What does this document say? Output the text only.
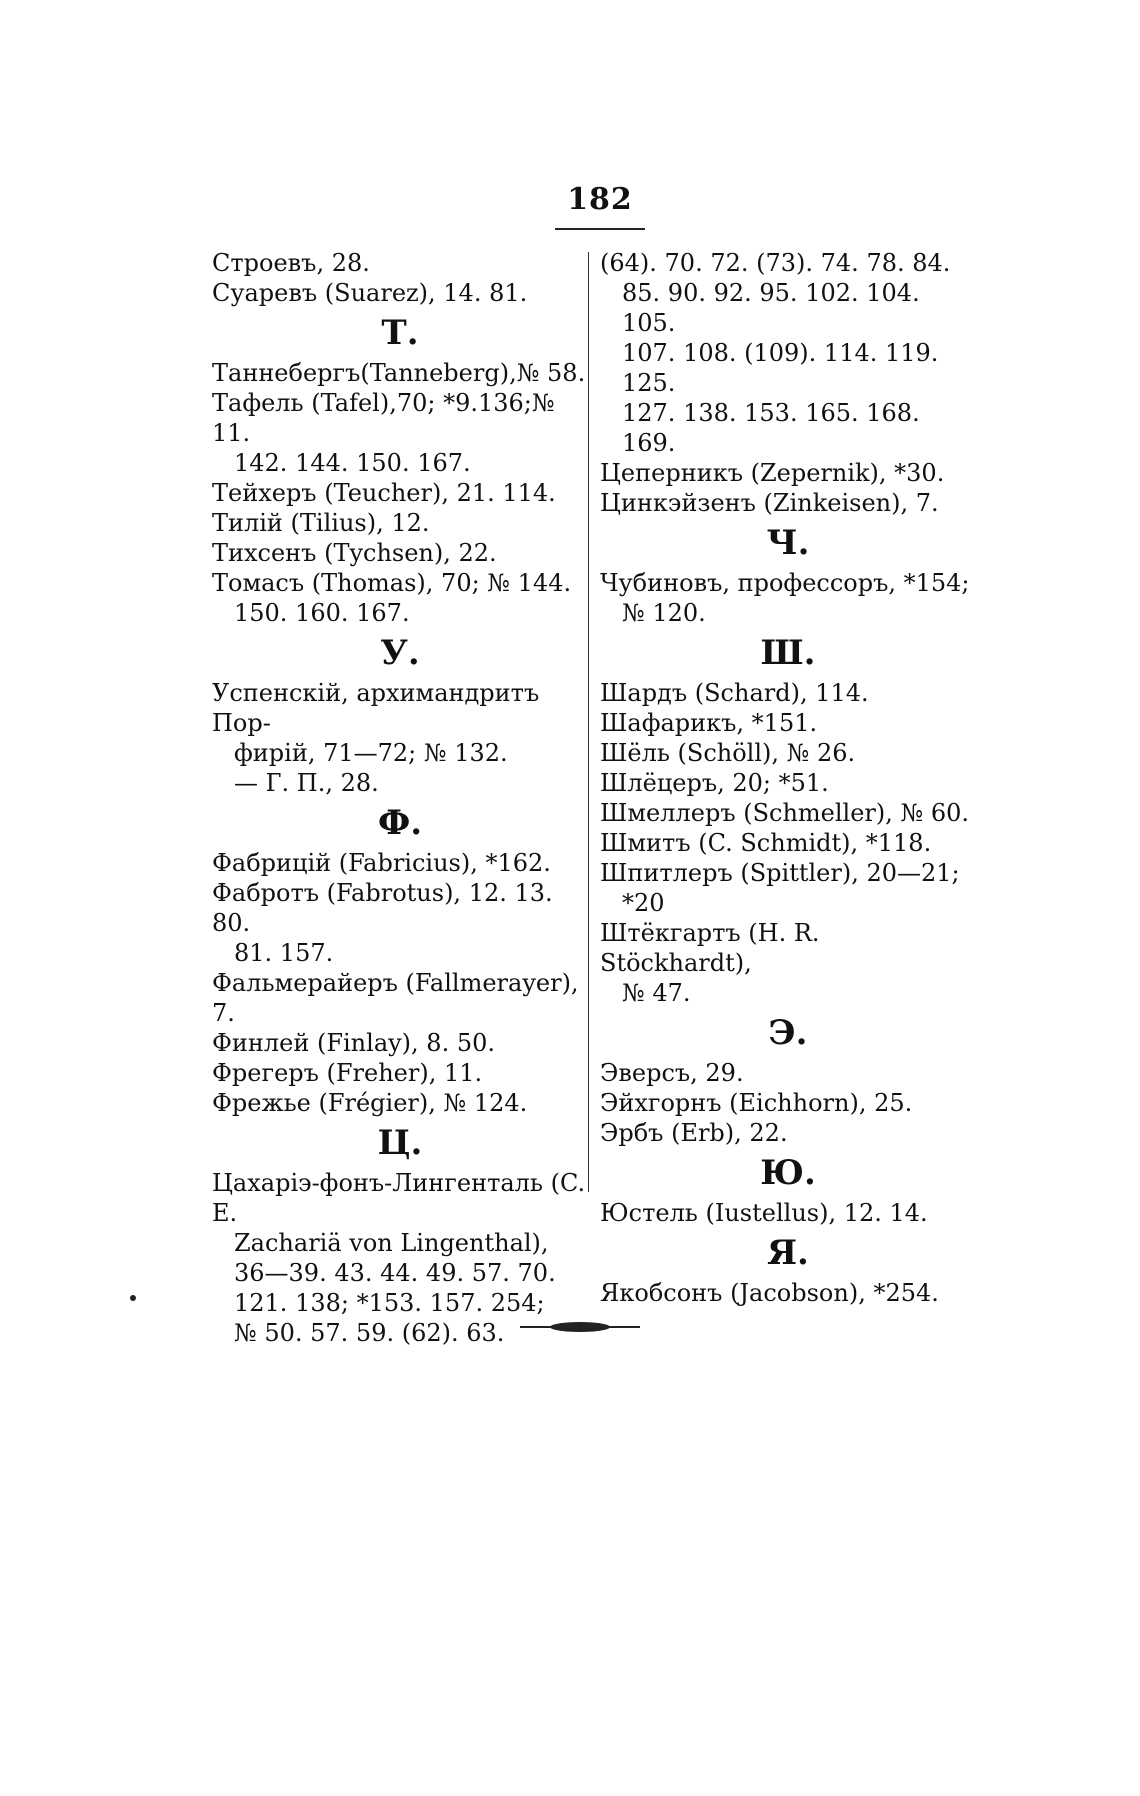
182
Строевъ, 28.
Суаревъ (Suarez), 14. 81.
Т.
Таннебергъ(Tanneberg),№ 58.
Тафель (Tafel),70; *9.136;№ 11.
142. 144. 150. 167.
Тейхеръ (Teucher), 21. 114.
Тилій (Tilius), 12.
Тихсенъ (Tychsen), 22.
Томасъ (Thomas), 70; № 144.
150. 160. 167.
У.
Успенскій, архимандритъ Пор-
фирій, 71—72; № 132.
— Г. П., 28.
Ф.
Фабрицій (Fabricius), *162.
Фабротъ (Fabrotus), 12. 13. 80.
81. 157.
Фальмерайеръ (Fallmerayer), 7.
Финлей (Finlay), 8. 50.
Фрегеръ (Freher), 11.
Фрежье (Frégier), № 124.
Ц.
Цахаріэ-фонъ-Лингенталь (C. E.
Zachariä von Lingenthal),
36—39. 43. 44. 49. 57. 70.
121. 138; *153. 157. 254;
№ 50. 57. 59. (62). 63.
(64). 70. 72. (73). 74. 78. 84.
85. 90. 92. 95. 102. 104. 105.
107. 108. (109). 114. 119. 125.
127. 138. 153. 165. 168.
169.
Цеперникъ (Zepernik), *30.
Цинкэйзенъ (Zinkeisen), 7.
Ч.
Чубиновъ, профессоръ, *154;
№ 120.
Ш.
Шардъ (Schard), 114.
Шафарикъ, *151.
Шёль (Schöll), № 26.
Шлёцеръ, 20; *51.
Шмеллеръ (Schmeller), № 60.
Шмитъ (C. Schmidt), *118.
Шпитлеръ (Spittler), 20—21;
*20
Штёкгартъ (H. R. Stöckhardt),
№ 47.
Э.
Эверсъ, 29.
Эйхгорнъ (Eichhorn), 25.
Эрбъ (Erb), 22.
Ю.
Юстель (Iustellus), 12. 14.
Я.
Якобсонъ (Jacobson), *254.
